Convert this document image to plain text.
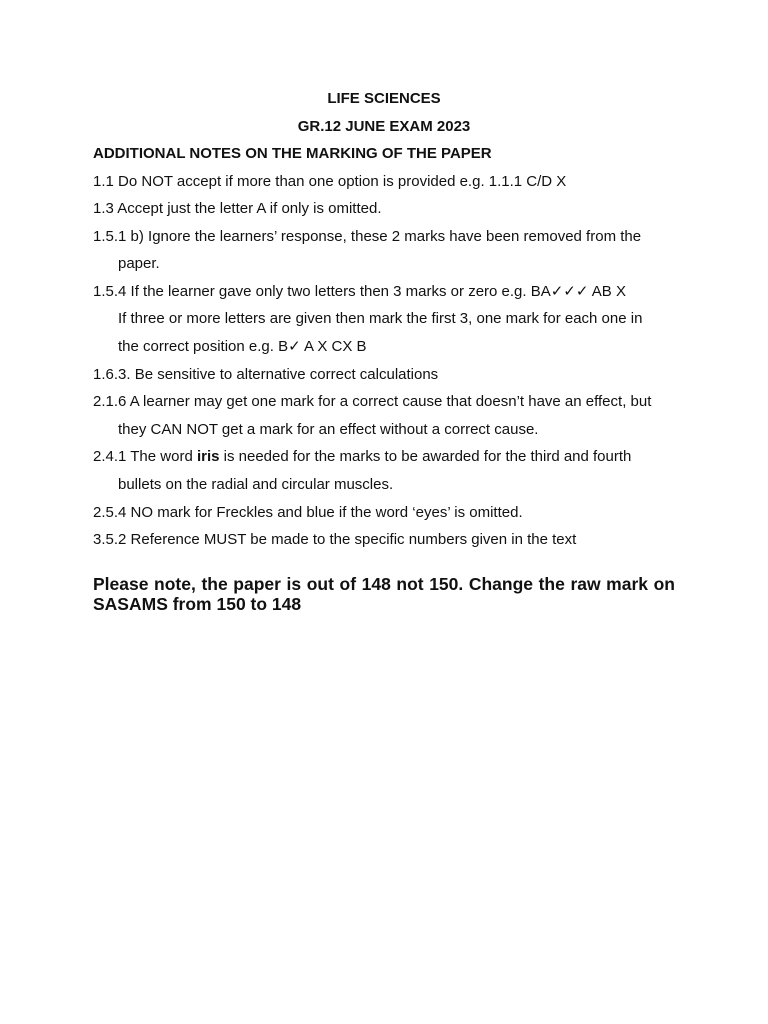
LIFE SCIENCES
GR.12 JUNE EXAM 2023
ADDITIONAL NOTES ON THE MARKING OF THE PAPER
1.1 Do NOT accept if more than one option is provided e.g. 1.1.1 C/D X
1.3 Accept just the letter A if only is omitted.
1.5.1 b) Ignore the learners’ response, these 2 marks have been removed from the
paper.
1.5.4 If the learner gave only two letters then 3 marks or zero e.g. BA✓✓✓ AB X
If three or more letters are given then mark the first 3, one mark for each one in
the correct position e.g. B✓ A X CX B
1.6.3. Be sensitive to alternative correct calculations
2.1.6 A learner may get one mark for a correct cause that doesn’t have an effect, but
they CAN NOT get a mark for an effect without a correct cause.
2.4.1 The word iris is needed for the marks to be awarded for the third and fourth
bullets on the radial and circular muscles.
2.5.4 NO mark for Freckles and blue if the word ‘eyes’ is omitted.
3.5.2 Reference MUST be made to the specific numbers given in the text
Please note, the paper is out of 148 not 150. Change the raw mark on SASAMS from 150 to 148
